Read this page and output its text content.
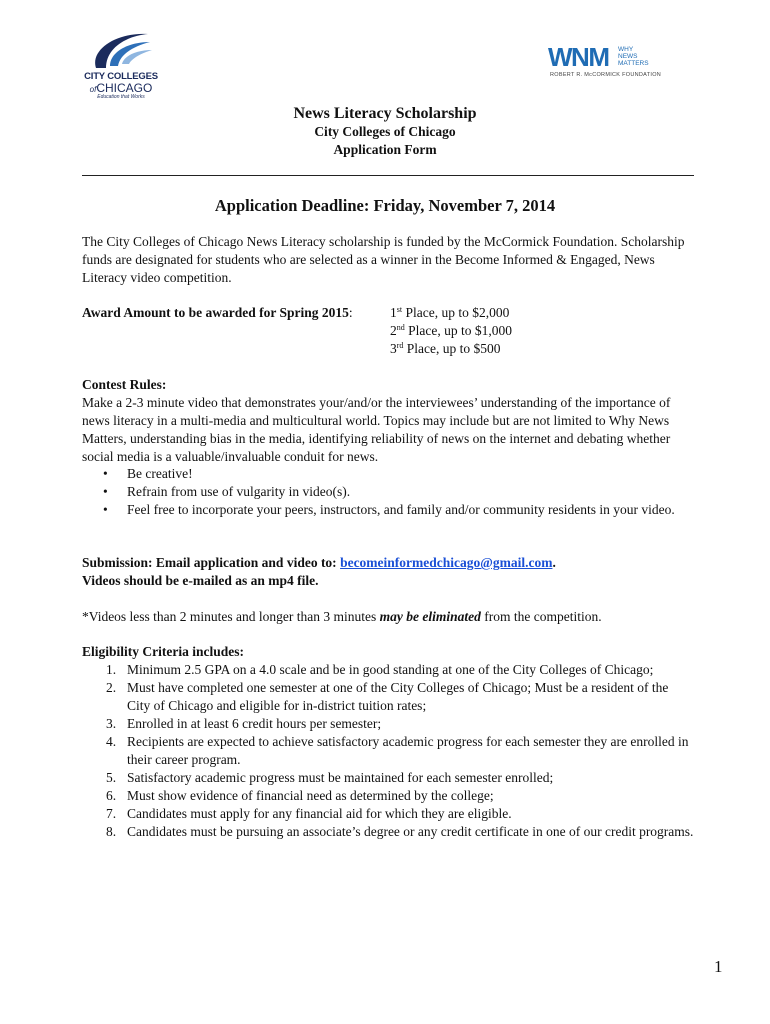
CITY COLLEGES
ofCHICAGO
Education that Works
WNM WHY
NEWS
MATTERS
ROBERT R. McCORMICK FOUNDATION
News Literacy Scholarship
City Colleges of Chicago
Application Form
Application Deadline: Friday, November 7, 2014
The City Colleges of Chicago News Literacy scholarship is funded by the McCormick Foundation. Scholarship funds are designated for students who are selected as a winner in the Become Informed & Engaged, News Literacy video competition.
Award Amount to be awarded for Spring 2015:	1st Place, up to $2,000
2nd Place, up to $1,000
3rd Place, up to $500
Contest Rules:
Make a 2-3 minute video that demonstrates your/and/or the interviewees’ understanding of the importance of news literacy in a multi-media and multicultural world. Topics may include but are not limited to Why News Matters, understanding bias in the media, identifying reliability of news on the internet and debating whether social media is a valuable/invaluable conduit for news.
• Be creative!
• Refrain from use of vulgarity in video(s).
• Feel free to incorporate your peers, instructors, and family and/or community residents in your video.
Submission: Email application and video to: becomeinformedchicago@gmail.com.
Videos should be e-mailed as an mp4 file.
*Videos less than 2 minutes and longer than 3 minutes may be eliminated from the competition.
Eligibility Criteria includes:
1. Minimum 2.5 GPA on a 4.0 scale and be in good standing at one of the City Colleges of Chicago;
2. Must have completed one semester at one of the City Colleges of Chicago; Must be a resident of the City of Chicago and eligible for in-district tuition rates;
3. Enrolled in at least 6 credit hours per semester;
4. Recipients are expected to achieve satisfactory academic progress for each semester they are enrolled in their career program.
5. Satisfactory academic progress must be maintained for each semester enrolled;
6. Must show evidence of financial need as determined by the college;
7. Candidates must apply for any financial aid for which they are eligible.
8. Candidates must be pursuing an associate’s degree or any credit certificate in one of our credit programs.
1
